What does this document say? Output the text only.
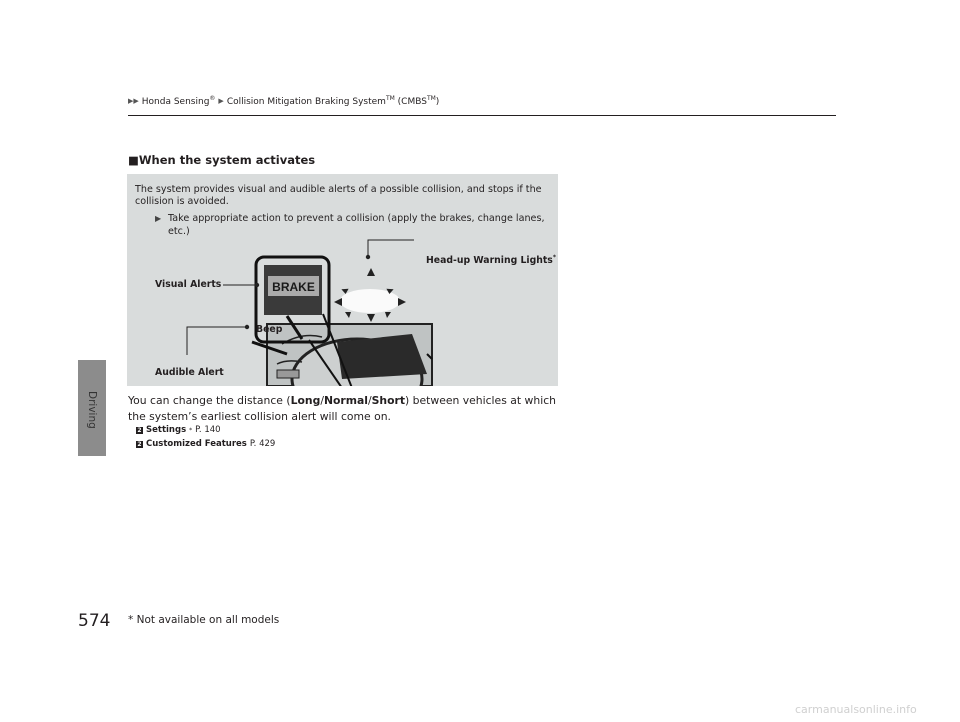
Driving
▶▶ Honda Sensing® ▶ Collision Mitigation Braking System™ (CMBS™)
■When the system activates
The system provides visual and audible alerts of a possible collision, and stops if the collision is avoided.
▶ Take appropriate action to prevent a collision (apply the brakes, change lanes, etc.)
BRAKE
Head-up Warning Lights*
Visual Alerts
Beep
Audible Alert
You can change the distance (Long/Normal/Short) between vehicles at which the system’s earliest collision alert will come on.
2 Settings * P. 140
2 Customized Features P. 429
574 * Not available on all models
carmanualsonline.info
